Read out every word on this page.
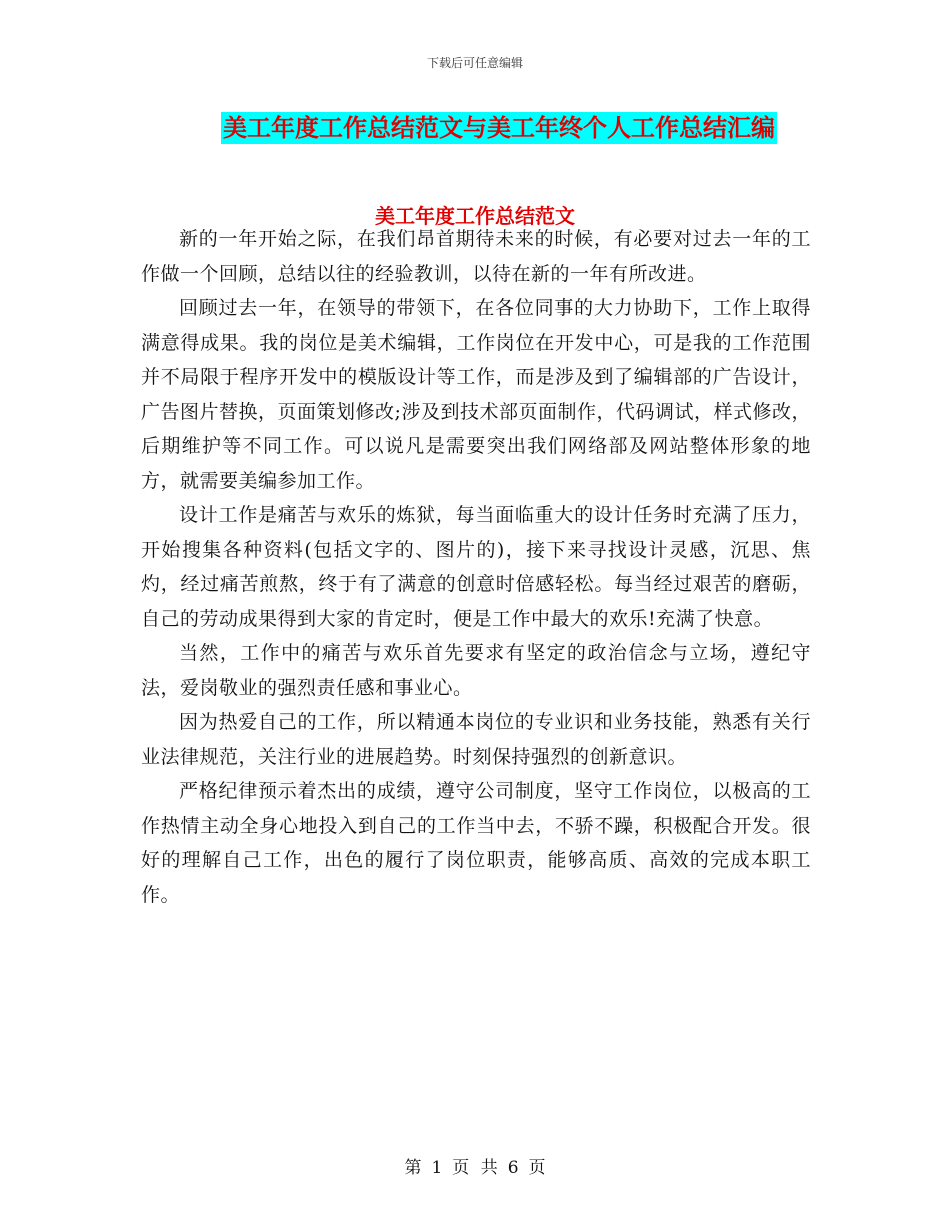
下载后可任意编辑
美工年度工作总结范文与美工年终个人工作总结汇编
美工年度工作总结范文

新的一年开始之际，在我们昂首期待未来的时候，有必要对过去一年的工作做一个回顾，总结以往的经验教训，以待在新的一年有所改进。

回顾过去一年，在领导的带领下，在各位同事的大力协助下，工作上取得满意得成果。我的岗位是美术编辑，工作岗位在开发中心，可是我的工作范围并不局限于程序开发中的模版设计等工作，而是涉及到了编辑部的广告设计，广告图片替换，页面策划修改;涉及到技术部页面制作，代码调试，样式修改，后期维护等不同工作。可以说凡是需要突出我们网络部及网站整体形象的地方，就需要美编参加工作。

设计工作是痛苦与欢乐的炼狱，每当面临重大的设计任务时充满了压力，开始搜集各种资料(包括文字的、图片的)，接下来寻找设计灵感，沉思、焦灼，经过痛苦煎熬，终于有了满意的创意时倍感轻松。每当经过艰苦的磨砺，自己的劳动成果得到大家的肯定时，便是工作中最大的欢乐!充满了快意。

当然，工作中的痛苦与欢乐首先要求有坚定的政治信念与立场，遵纪守法，爱岗敬业的强烈责任感和事业心。

因为热爱自己的工作，所以精通本岗位的专业识和业务技能，熟悉有关行业法律规范，关注行业的进展趋势。时刻保持强烈的创新意识。

严格纪律预示着杰出的成绩，遵守公司制度，坚守工作岗位，以极高的工作热情主动全身心地投入到自己的工作当中去，不骄不躁，积极配合开发。很好的理解自己工作，出色的履行了岗位职责，能够高质、高效的完成本职工作。

第 1 页 共 6 页
